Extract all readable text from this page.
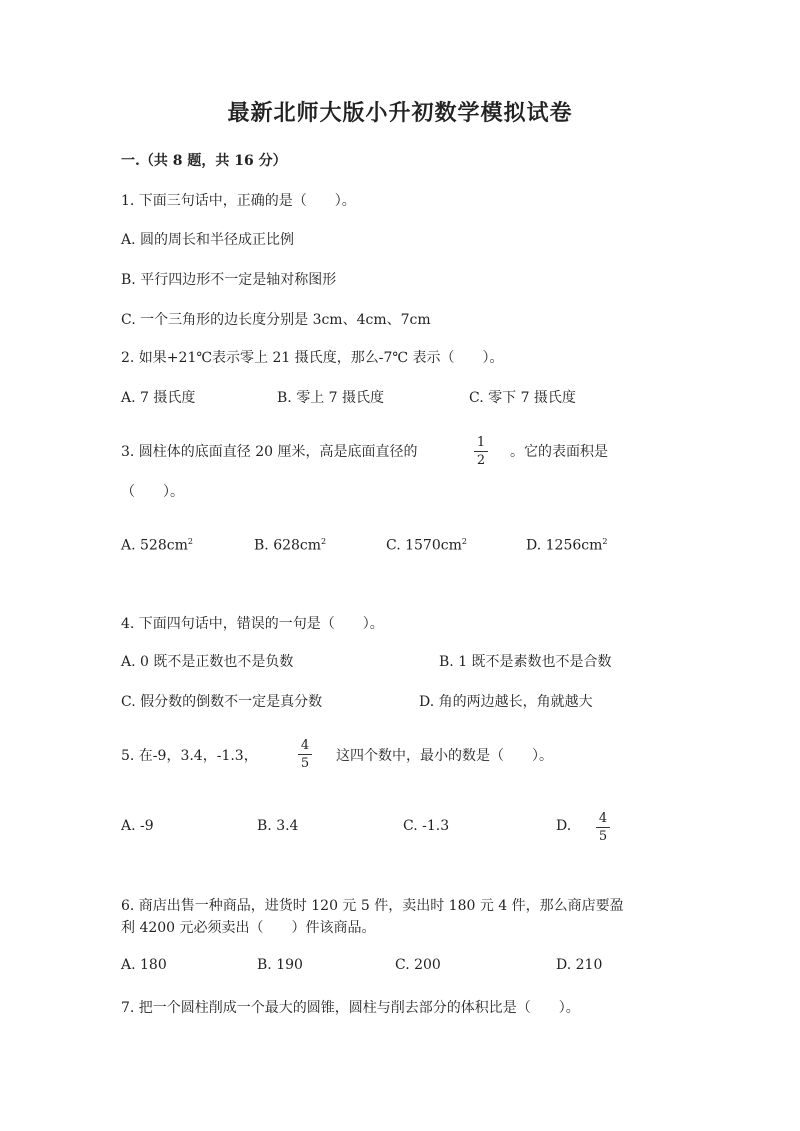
最新北师大版小升初数学模拟试卷
一.（共 8 题，共 16 分）
1. 下面三句话中，正确的是（　　）。
A. 圆的周长和半径成正比例
B. 平行四边形不一定是轴对称图形
C. 一个三角形的边长度分别是 3cm、4cm、7cm
2. 如果+21℃表示零上 21 摄氏度，那么-7℃ 表示（　　）。
A. 7 摄氏度	B. 零上 7 摄氏度	C. 零下 7 摄氏度
3. 圆柱体的底面直径 20 厘米，高是底面直径的
1
2
。它的表面积是
（　　）。
A. $528cm^2$	B. $628cm^2$	C. $1570cm^2$	D. $1256cm^2$
4. 下面四句话中，错误的一句是（　　）。
A. 0 既不是正数也不是负数	B. 1 既不是素数也不是合数
C. 假分数的倒数不一定是真分数	D. 角的两边越长，角就越大
5. 在-9，3.4，-1.3，
4
5 这四个数中，最小的数是（　　）。
A. -9	B. 3.4	C. -1.3	D. 4
5
6. 商店出售一种商品，进货时 120 元 5 件，卖出时 180 元 4 件，那么商店要盈
利 4200 元必须卖出（　　）件该商品。
A. 180	B. 190	C. 200	D. 210
7. 把一个圆柱削成一个最大的圆锥，圆柱与削去部分的体积比是（　　）。
